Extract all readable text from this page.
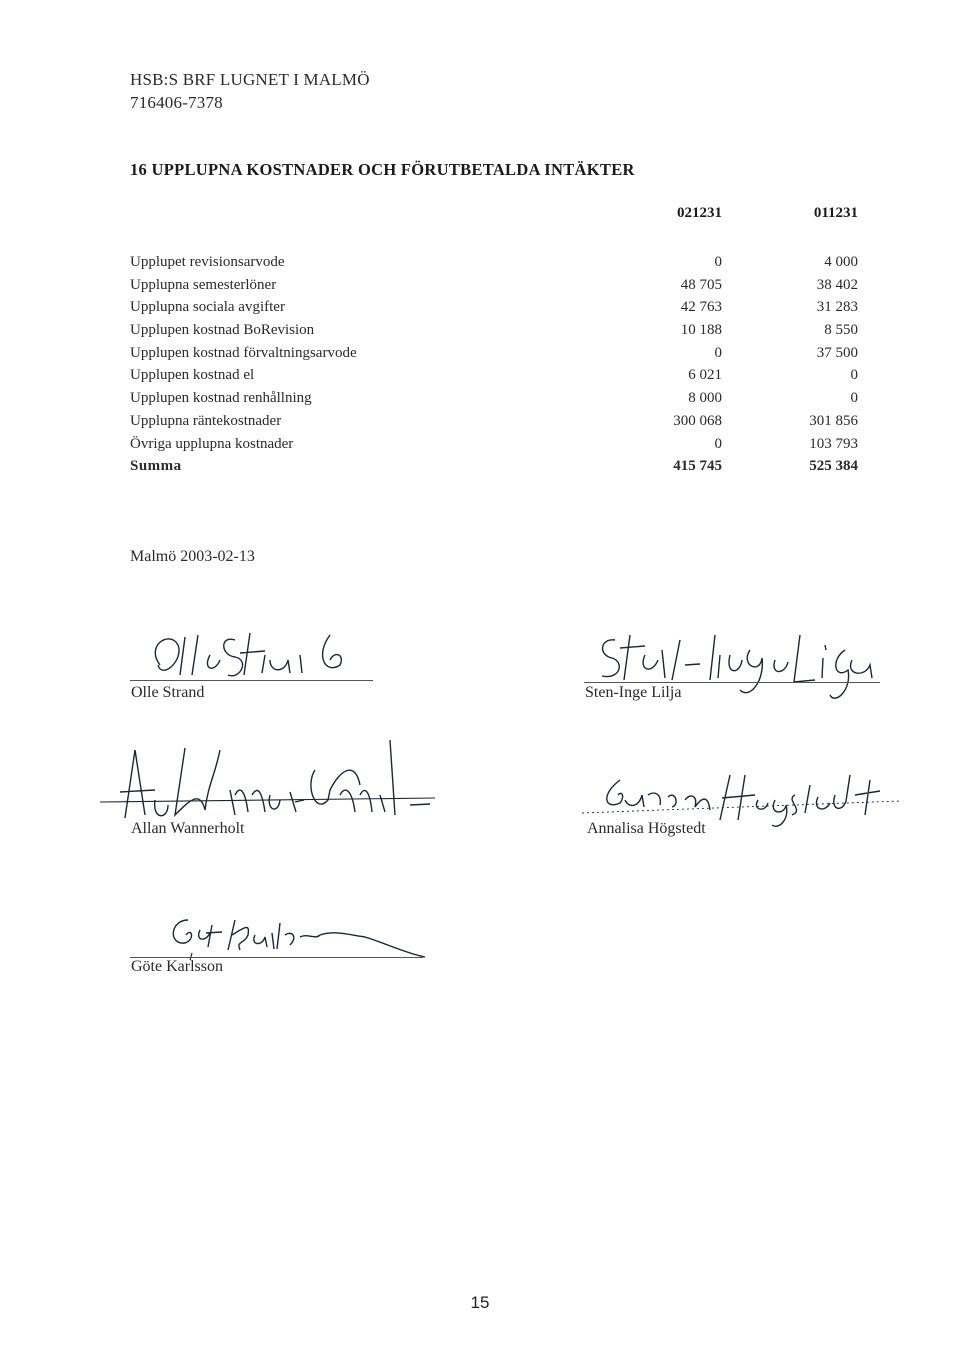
HSB:S BRF LUGNET I MALMÖ
716406-7378
16 UPPLUPNA KOSTNADER OCH FÖRUTBETALDA INTÄKTER
021231	011231
Upplupet revisionsarvode	0	4 000
Upplupna semesterlöner	48 705	38 402
Upplupna sociala avgifter	42 763	31 283
Upplupen kostnad BoRevision	10 188	8 550
Upplupen kostnad förvaltningsarvode	0	37 500
Upplupen kostnad el	6 021	0
Upplupen kostnad renhållning	8 000	0
Upplupna räntekostnader	300 068	301 856
Övriga upplupna kostnader	0	103 793
Summa	415 745	525 384
Malmö 2003-02-13
Olle Strand	Sten-Inge Lilja
Allan Wannerholt	Annalisa Högstedt
Göte Karlsson
15
